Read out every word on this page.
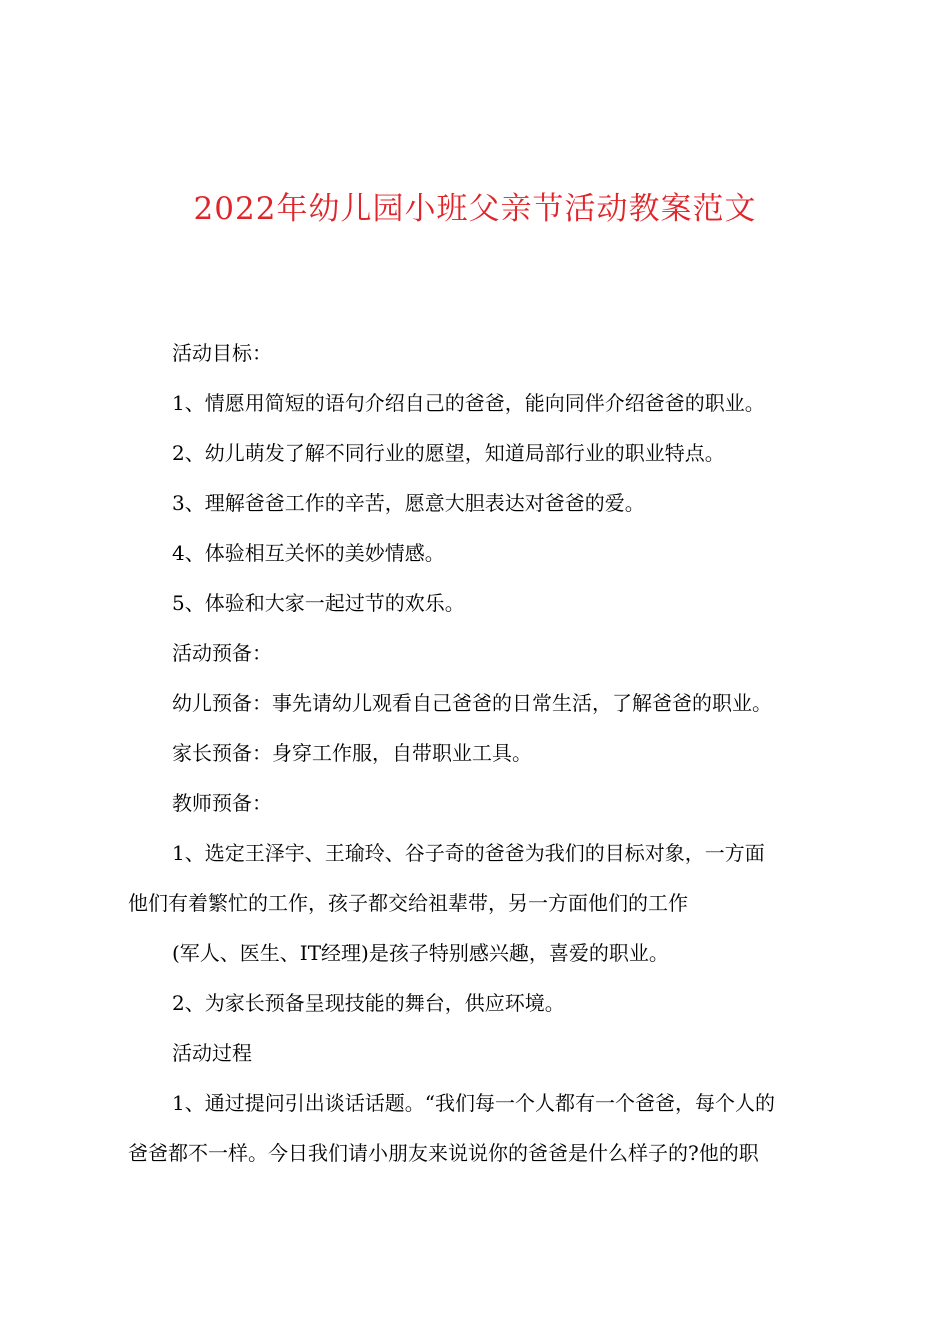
2022年幼儿园小班父亲节活动教案范文
活动目标：
1、情愿用简短的语句介绍自己的爸爸，能向同伴介绍爸爸的职业。
2、幼儿萌发了解不同行业的愿望，知道局部行业的职业特点。
3、理解爸爸工作的辛苦，愿意大胆表达对爸爸的爱。
4、体验相互关怀的美妙情感。
5、体验和大家一起过节的欢乐。
活动预备：
幼儿预备：事先请幼儿观看自己爸爸的日常生活，了解爸爸的职业。
家长预备：身穿工作服，自带职业工具。
教师预备：
1、选定王泽宇、王瑜玲、谷子奇的爸爸为我们的目标对象，一方面
他们有着繁忙的工作，孩子都交给祖辈带，另一方面他们的工作
(军人、医生、IT经理)是孩子特别感兴趣，喜爱的职业。
2、为家长预备呈现技能的舞台，供应环境。
活动过程
1、通过提问引出谈话话题。“我们每一个人都有一个爸爸，每个人的
爸爸都不一样。今日我们请小朋友来说说你的爸爸是什么样子的?他的职
